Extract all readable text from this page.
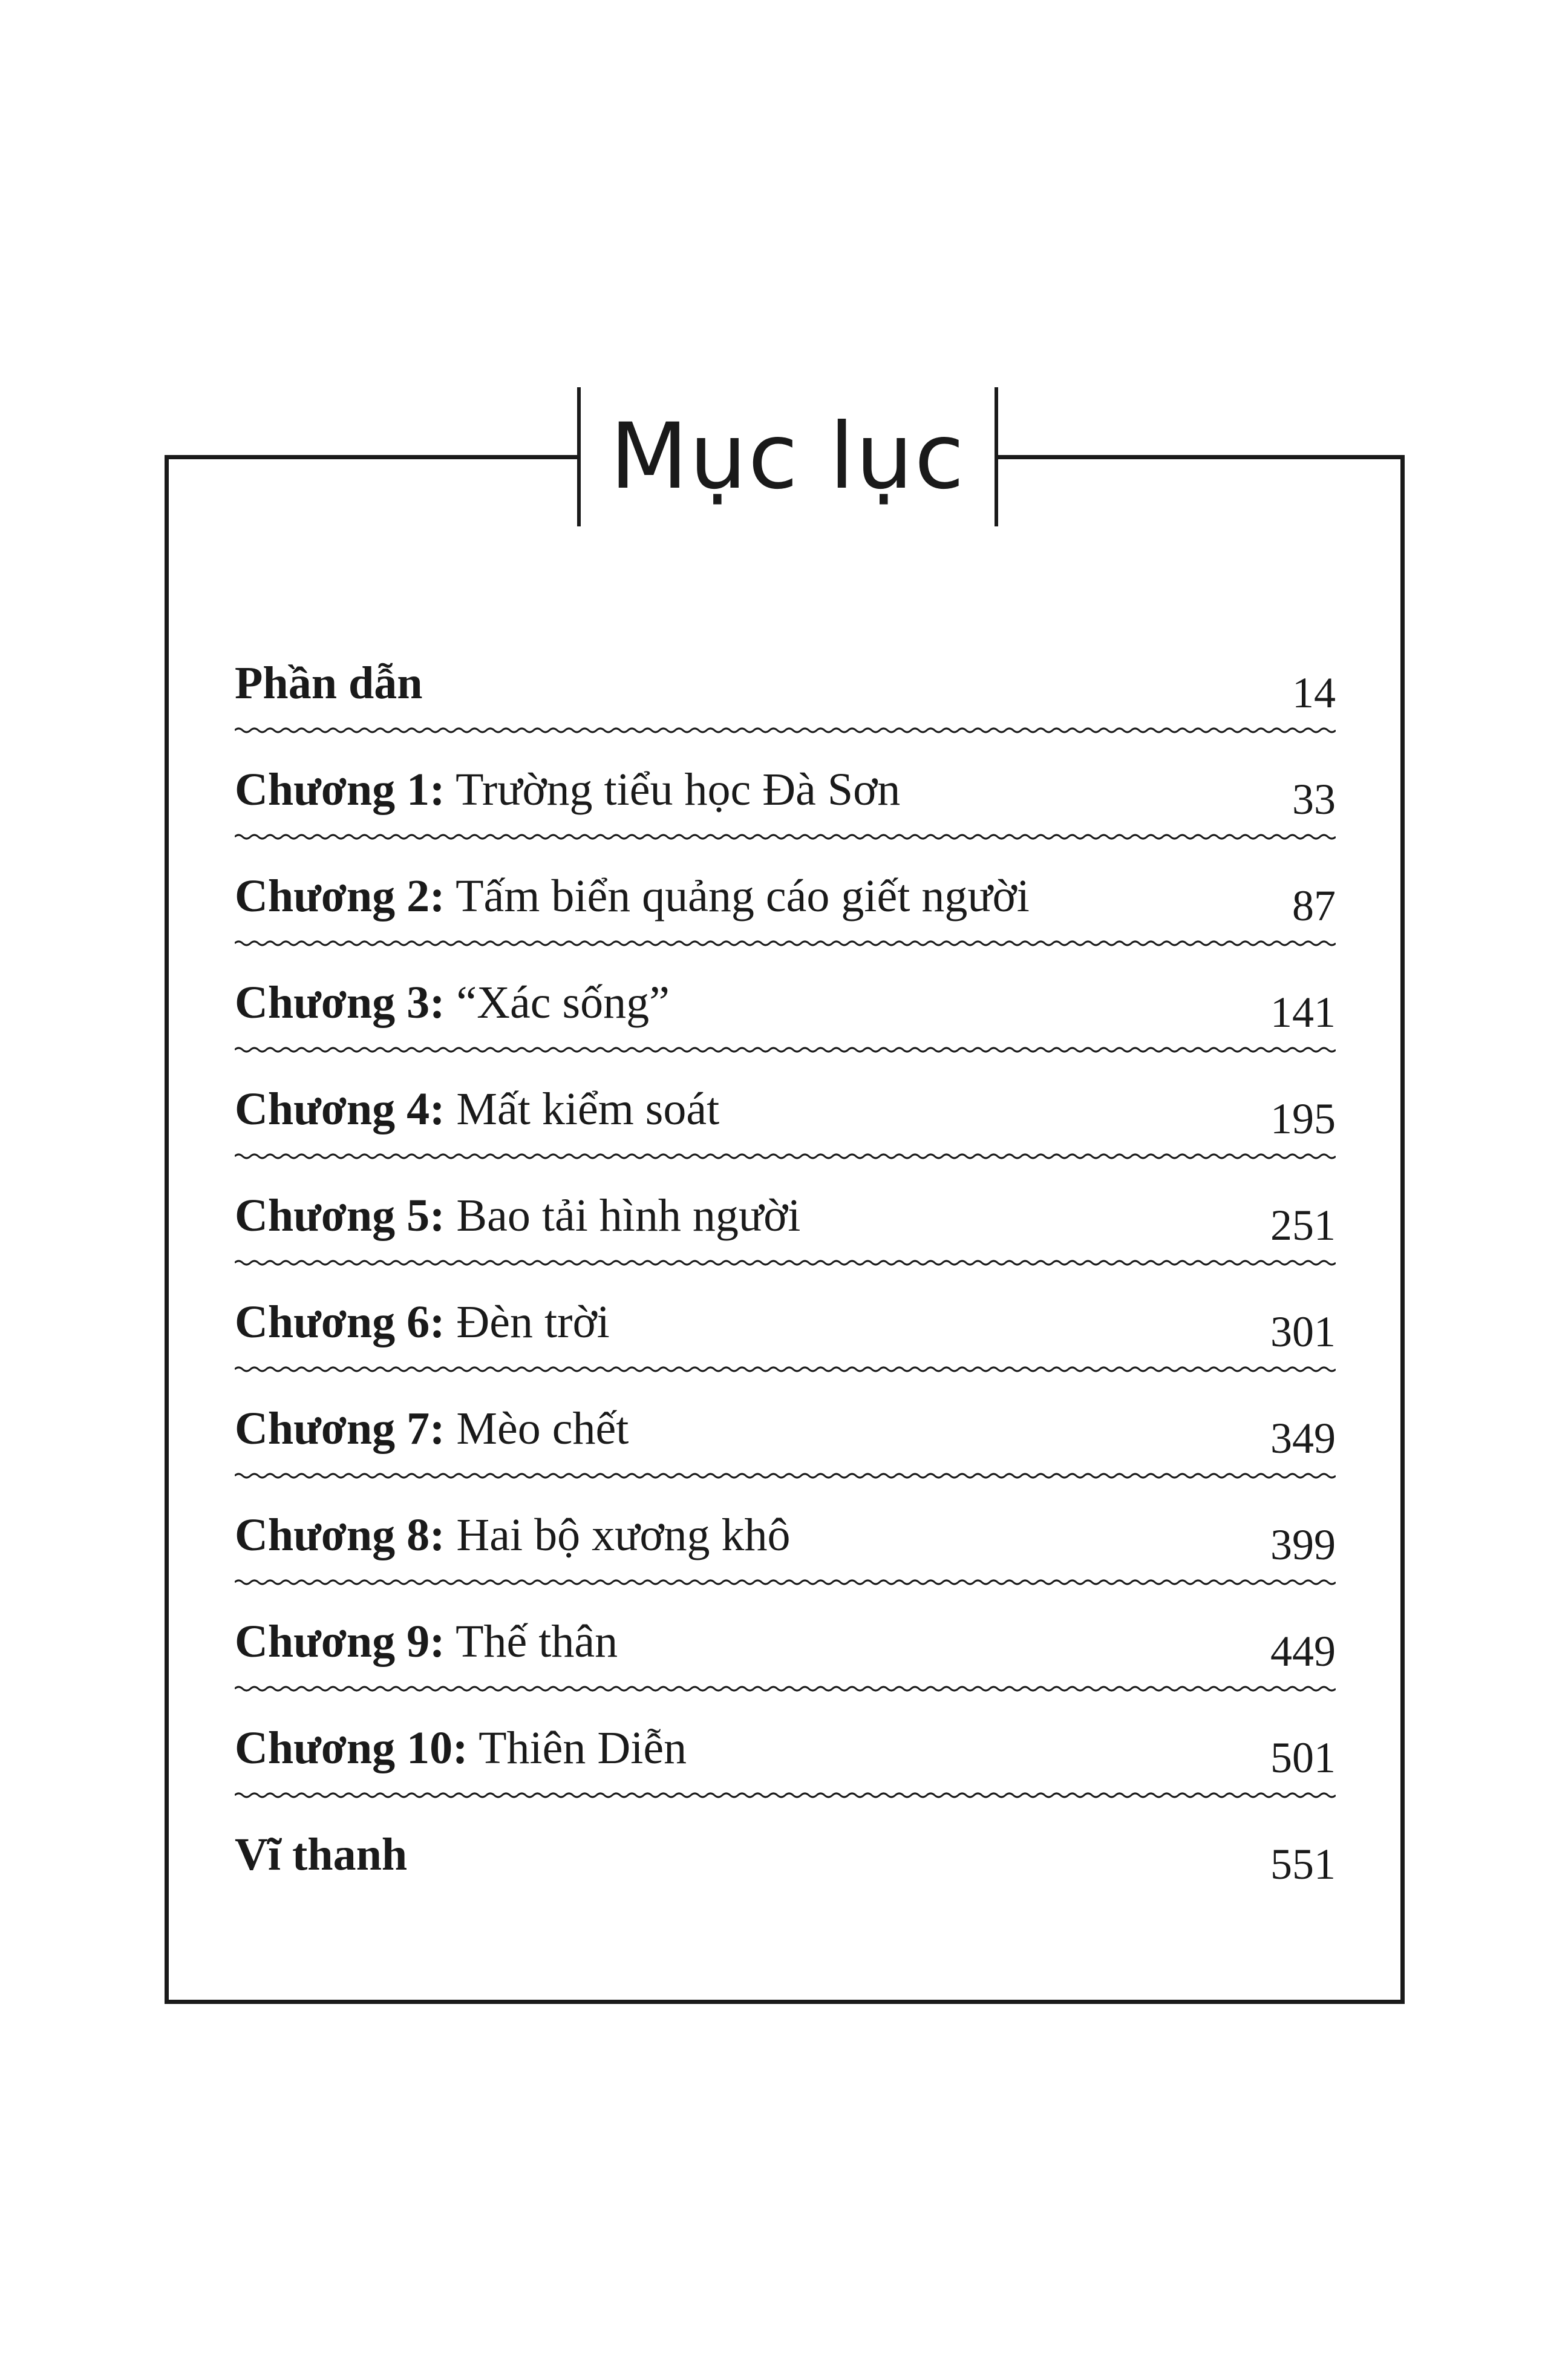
Mục lục
Phần dẫn	14
Chương 1: Trường tiểu học Đà Sơn	33
Chương 2: Tấm biển quảng cáo giết người	87
Chương 3: “Xác sống”	141
Chương 4: Mất kiểm soát	195
Chương 5: Bao tải hình người	251
Chương 6: Đèn trời	301
Chương 7: Mèo chết	349
Chương 8: Hai bộ xương khô	399
Chương 9: Thế thân	449
Chương 10: Thiên Diễn	501
Vĩ thanh	551
